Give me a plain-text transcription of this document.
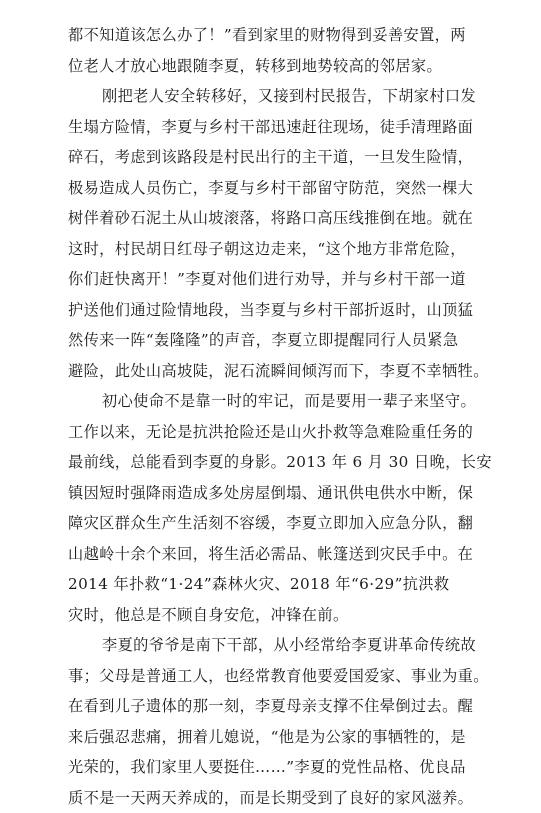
都不知道该怎么办了！”看到家里的财物得到妥善安置，两
位老人才放心地跟随李夏，转移到地势较高的邻居家。
刚把老人安全转移好，又接到村民报告，下胡家村口发
生塌方险情，李夏与乡村干部迅速赶往现场，徒手清理路面
碎石，考虑到该路段是村民出行的主干道，一旦发生险情，
极易造成人员伤亡，李夏与乡村干部留守防范，突然一棵大
树伴着砂石泥土从山坡滚落，将路口高压线推倒在地。就在
这时，村民胡日红母子朝这边走来，“这个地方非常危险，
你们赶快离开！”李夏对他们进行劝导，并与乡村干部一道
护送他们通过险情地段，当李夏与乡村干部折返时，山顶猛
然传来一阵“轰隆隆”的声音，李夏立即提醒同行人员紧急
避险，此处山高坡陡，泥石流瞬间倾泻而下，李夏不幸牺牲。
初心使命不是靠一时的牢记，而是要用一辈子来坚守。
工作以来，无论是抗洪抢险还是山火扑救等急难险重任务的
最前线，总能看到李夏的身影。2013 年 6 月 30 日晚，长安
镇因短时强降雨造成多处房屋倒塌、通讯供电供水中断，保
障灾区群众生产生活刻不容缓，李夏立即加入应急分队，翻
山越岭十余个来回，将生活必需品、帐篷送到灾民手中。在
2014 年扑救“1·24”森林火灾、2018 年“6·29”抗洪救
灾时，他总是不顾自身安危，冲锋在前。
李夏的爷爷是南下干部，从小经常给李夏讲革命传统故
事；父母是普通工人，也经常教育他要爱国爱家、事业为重。
在看到儿子遗体的那一刻，李夏母亲支撑不住晕倒过去。醒
来后强忍悲痛，拥着儿媳说，“他是为公家的事牺牲的，是
光荣的，我们家里人要挺住……”李夏的党性品格、优良品
质不是一天两天养成的，而是长期受到了良好的家风滋养。
